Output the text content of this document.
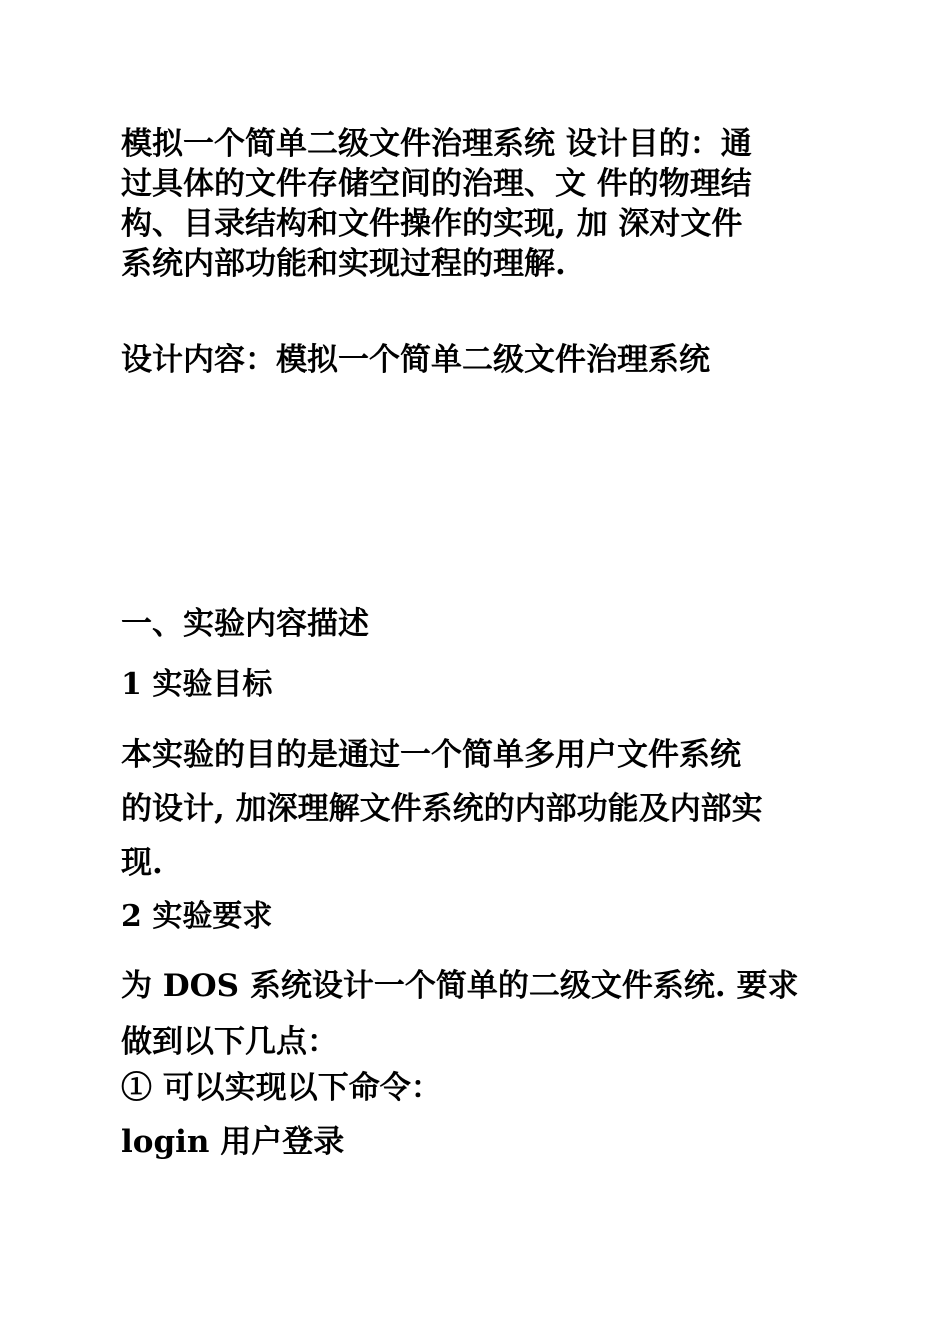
模拟一个简单二级文件治理系统 设计目的：通
过具体的文件存储空间的治理、文 件的物理结
构、目录结构和文件操作的实现, 加 深对文件
系统内部功能和实现过程的理解.

设计内容：模拟一个简单二级文件治理系统

一、实验内容描述
1 实验目标

本实验的目的是通过一个简单多用户文件系统
的设计, 加深理解文件系统的内部功能及内部实
现.

2 实验要求

为 DOS 系统设计一个简单的二级文件系统. 要求
做到以下几点：

① 可以实现以下命令：

login 用户登录
